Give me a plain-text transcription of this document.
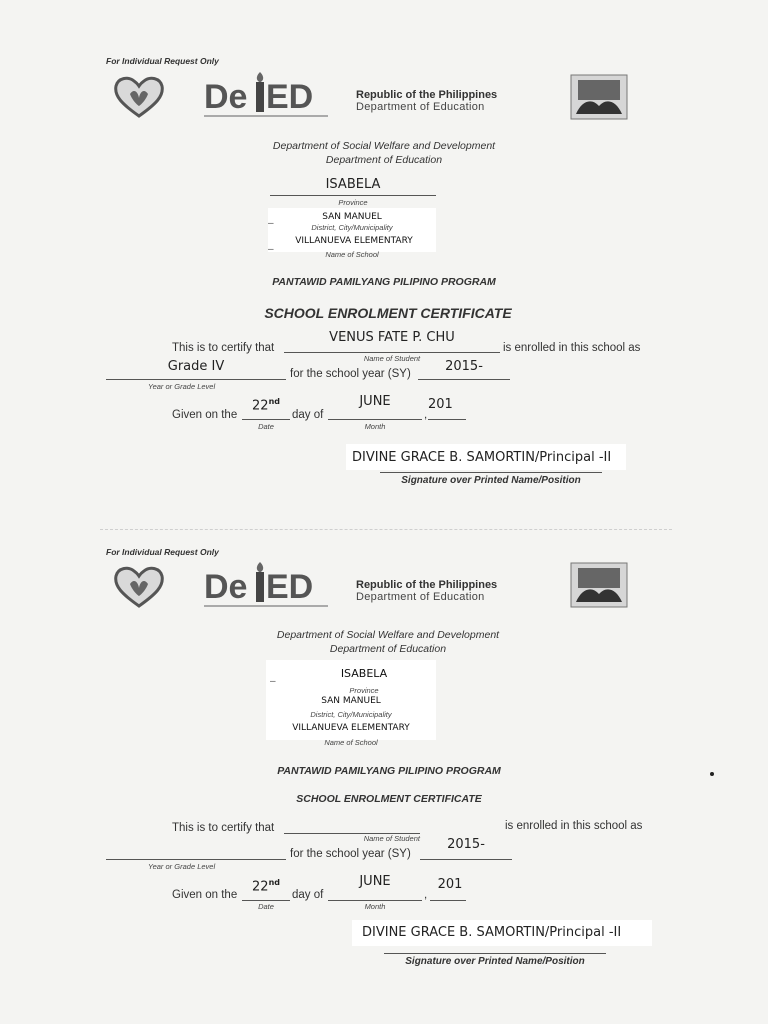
For Individual Request Only
De ED	Republic of the Philippines
Department of Education
Department of Social Welfare and Development
Department of Education
ISABELA
Province
–
SAN MANUEL
District, City/Municipality
–
VILLANUEVA ELEMENTARY
Name of School
PANTAWID PAMILYANG PILIPINO PROGRAM
SCHOOL ENROLMENT CERTIFICATE
This is to certify that
VENUS FATE P. CHU
Name of Student
is enrolled in this school as
Grade IV
Year or Grade Level
for the school year (SY)	2015-
Given on the
22nd
Date
day of
JUNE
Month
,
201
DIVINE GRACE B. SAMORTIN/Principal -II
Signature over Printed Name/Position
For Individual Request Only
De ED	Republic of the Philippines
Department of Education
Department of Social Welfare and Development
Department of Education
–
ISABELA
Province
SAN MANUEL
District, City/Municipality
VILLANUEVA ELEMENTARY
Name of School
PANTAWID PAMILYANG PILIPINO PROGRAM
SCHOOL ENROLMENT CERTIFICATE
This is to certify that
Name of Student
is enrolled in this school as
Year or Grade Level
for the school year (SY)
2015-
Given on the
22nd
Date
day of
JUNE
Month
,
201
DIVINE GRACE B. SAMORTIN/Principal -II
Signature over Printed Name/Position
